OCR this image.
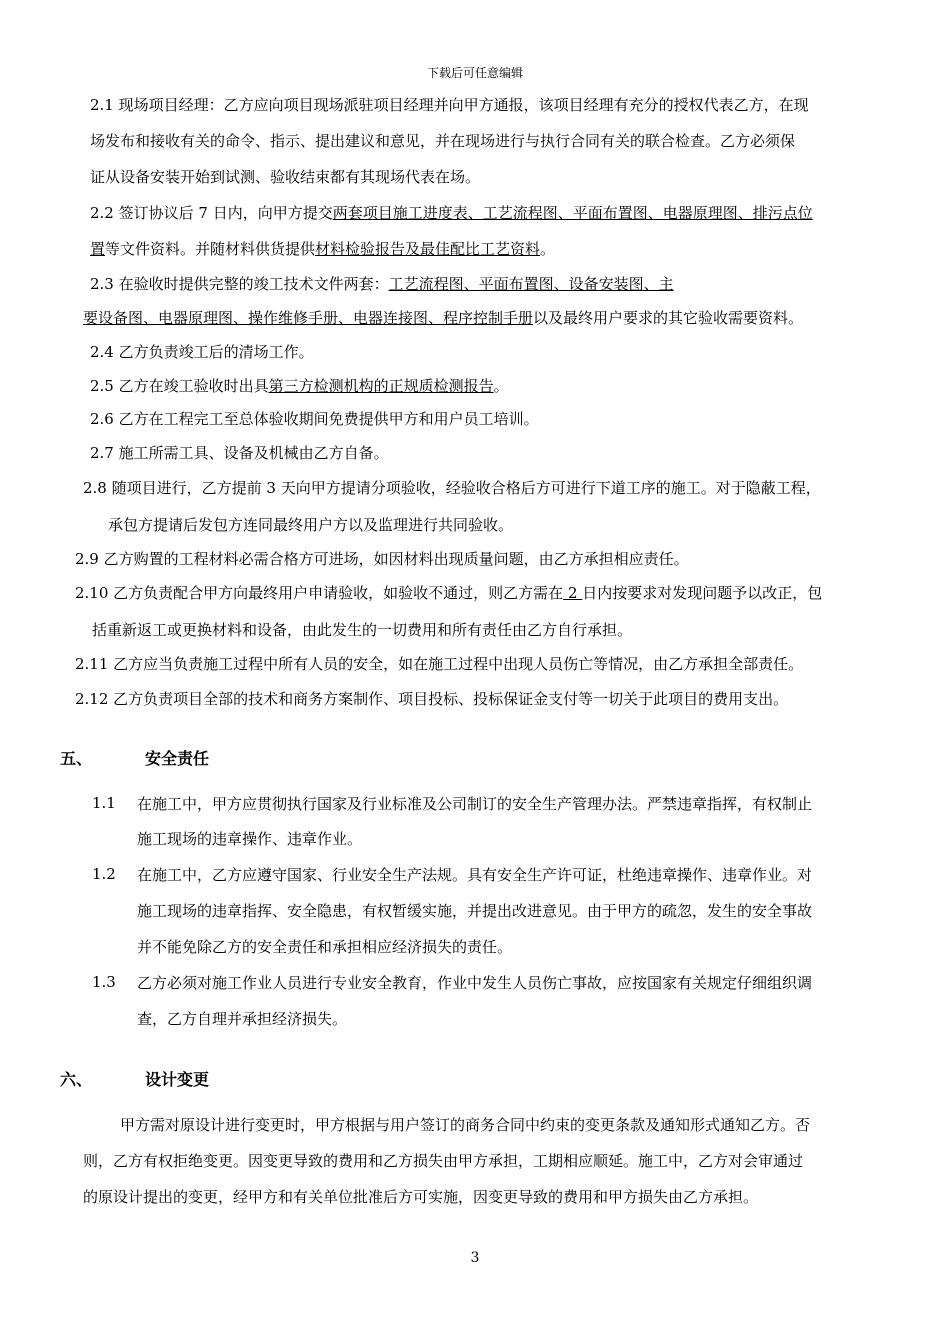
下载后可任意编辑
2.1 现场项目经理：乙方应向项目现场派驻项目经理并向甲方通报，该项目经理有充分的授权代表乙方，在现
场发布和接收有关的命令、指示、提出建议和意见，并在现场进行与执行合同有关的联合检查。乙方必须保
证从设备安装开始到试测、验收结束都有其现场代表在场。
2.2 签订协议后 7 日内，向甲方提交两套项目施工进度表、工艺流程图、平面布置图、电器原理图、排污点位
置等文件资料。并随材料供货提供材料检验报告及最佳配比工艺资料。
2.3 在验收时提供完整的竣工技术文件两套：工艺流程图、平面布置图、设备安装图、主
要设备图、电器原理图、操作维修手册、电器连接图、程序控制手册以及最终用户要求的其它验收需要资料。
2.4 乙方负责竣工后的清场工作。
2.5 乙方在竣工验收时出具第三方检测机构的正规质检测报告。
2.6 乙方在工程完工至总体验收期间免费提供甲方和用户员工培训。
2.7 施工所需工具、设备及机械由乙方自备。
2.8 随项目进行，乙方提前 3 天向甲方提请分项验收，经验收合格后方可进行下道工序的施工。对于隐蔽工程，
承包方提请后发包方连同最终用户方以及监理进行共同验收。
2.9 乙方购置的工程材料必需合格方可进场，如因材料出现质量问题，由乙方承担相应责任。
2.10 乙方负责配合甲方向最终用户申请验收，如验收不通过，则乙方需在 2 日内按要求对发现问题予以改正，包
括重新返工或更换材料和设备，由此发生的一切费用和所有责任由乙方自行承担。
2.11 乙方应当负责施工过程中所有人员的安全，如在施工过程中出现人员伤亡等情况，由乙方承担全部责任。
2.12 乙方负责项目全部的技术和商务方案制作、项目投标、投标保证金支付等一切关于此项目的费用支出。
五、	安全责任
1.1 在施工中，甲方应贯彻执行国家及行业标准及公司制订的安全生产管理办法。严禁违章指挥，有权制止
施工现场的违章操作、违章作业。
1.2 在施工中，乙方应遵守国家、行业安全生产法规。具有安全生产许可证，杜绝违章操作、违章作业。对
施工现场的违章指挥、安全隐患，有权暂缓实施，并提出改进意见。由于甲方的疏忽，发生的安全事故
并不能免除乙方的安全责任和承担相应经济损失的责任。
1.3 乙方必须对施工作业人员进行专业安全教育，作业中发生人员伤亡事故，应按国家有关规定仔细组织调
查，乙方自理并承担经济损失。
六、	设计变更
甲方需对原设计进行变更时，甲方根据与用户签订的商务合同中约束的变更条款及通知形式通知乙方。否
则，乙方有权拒绝变更。因变更导致的费用和乙方损失由甲方承担，工期相应顺延。施工中，乙方对会审通过
的原设计提出的变更，经甲方和有关单位批准后方可实施，因变更导致的费用和甲方损失由乙方承担。
3
